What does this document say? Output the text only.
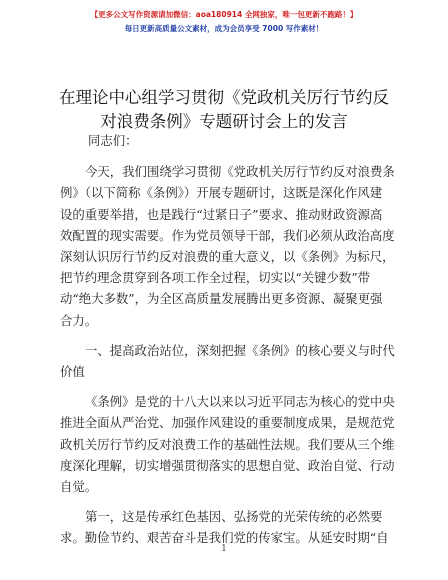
【更多公文写作资源请加微信：aoa180914 全网独家，唯一包更新不跑路！】
每日更新高质量公文素材，成为会员享受 7000 写作素材！
在理论中心组学习贯彻《党政机关厉行节约反
对浪费条例》专题研讨会上的发言

同志们：

今天，我们围绕学习贯彻《党政机关厉行节约反对浪费条
例》（以下简称《条例》）开展专题研讨，这既是深化作风建
设的重要举措，也是践行“过紧日子”要求、推动财政资源高
效配置的现实需要。作为党员领导干部，我们必须从政治高度
深刻认识厉行节约反对浪费的重大意义，以《条例》为标尺，
把节约理念贯穿到各项工作全过程，切实以“关键少数”带
动“绝大多数”，为全区高质量发展腾出更多资源、凝聚更强
合力。

一、提高政治站位，深刻把握《条例》的核心要义与时代
价值

《条例》是党的十八大以来以习近平同志为核心的党中央
推进全面从严治党、加强作风建设的重要制度成果，是规范党
政机关厉行节约反对浪费工作的基础性法规。我们要从三个维
度深化理解，切实增强贯彻落实的思想自觉、政治自觉、行动
自觉。

第一，这是传承红色基因、弘扬党的光荣传统的必然要
求。勤俭节约、艰苦奋斗是我们党的传家宝。从延安时期“自

1
